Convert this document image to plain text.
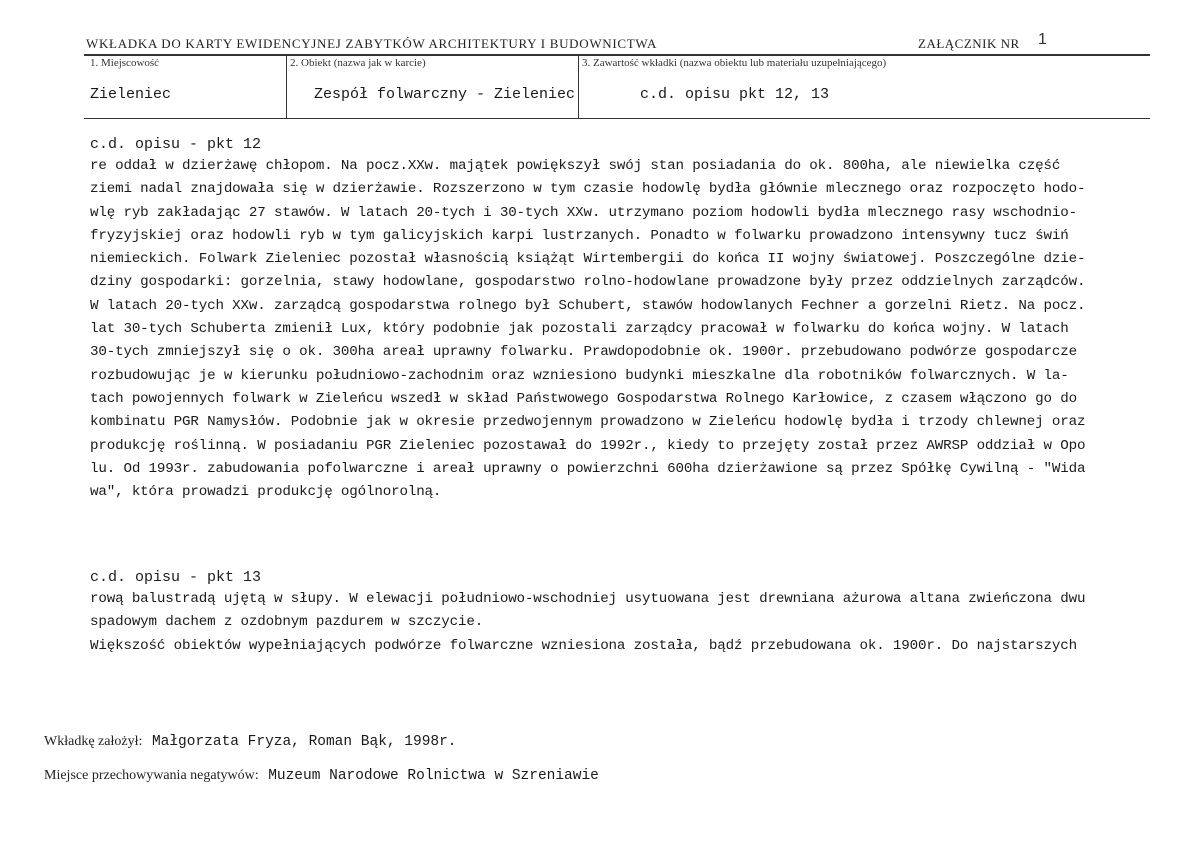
WKŁADKA DO KARTY EWIDENCYJNEJ ZABYTKÓW ARCHITEKTURY I BUDOWNICTWA	ZAŁĄCZNIK NR 1
1. Miejscowość
Zieleniec
2. Obiekt (nazwa jak w karcie)
Zespół folwarczny - Zieleniec
3. Zawartość wkładki (nazwa obiektu lub materiału uzupełniającego)
c.d. opisu pkt 12, 13
c.d. opisu - pkt 12
re oddał w dzierżawę chłopom. Na pocz.XXw. majątek powiększył swój stan posiadania do ok. 800ha, ale niewielka część
ziemi nadal znajdowała się w dzierżawie. Rozszerzono w tym czasie hodowlę bydła głównie mlecznego oraz rozpoczęto hodo-
wlę ryb zakładając 27 stawów. W latach 20-tych i 30-tych XXw. utrzymano poziom hodowli bydła mlecznego rasy wschodnio-
fryzyjskiej oraz hodowli ryb w tym galicyjskich karpi lustrzanych. Ponadto w folwarku prowadzono intensywny tucz świń
niemieckich. Folwark Zieleniec pozostał własnością książąt Wirtembergii do końca II wojny światowej. Poszczególne dzie-
dziny gospodarki: gorzelnia, stawy hodowlane, gospodarstwo rolno-hodowlane prowadzone były przez oddzielnych zarządców.
W latach 20-tych XXw. zarządcą gospodarstwa rolnego był Schubert, stawów hodowlanych Fechner a gorzelni Rietz. Na pocz.
lat 30-tych Schuberta zmienił Lux, który podobnie jak pozostali zarządcy pracował w folwarku do końca wojny. W latach
30-tych zmniejszył się o ok. 300ha areał uprawny folwarku. Prawdopodobnie ok. 1900r. przebudowano podwórze gospodarcze
rozbudowując je w kierunku południowo-zachodnim oraz wzniesiono budynki mieszkalne dla robotników folwarcznych. W la-
tach powojennych folwark w Zieleńcu wszedł w skład Państwowego Gospodarstwa Rolnego Karłowice, z czasem włączono go do
kombinatu PGR Namysłów. Podobnie jak w okresie przedwojennym prowadzono w Zieleńcu hodowlę bydła i trzody chlewnej oraz
produkcję roślinną. W posiadaniu PGR Zieleniec pozostawał do 1992r., kiedy to przejęty został przez AWRSP oddział w Opo
lu. Od 1993r. zabudowania pofolwarczne i areał uprawny o powierzchni 600ha dzierżawione są przez Spółkę Cywilną - "Wida
wa", która prowadzi produkcję ogólnorolną.
c.d. opisu - pkt 13
rową balustradą ujętą w słupy. W elewacji południowo-wschodniej usytuowana jest drewniana ażurowa altana zwieńczona dwu
spadowym dachem z ozdobnym pazdurem w szczycie.
Większość obiektów wypełniających podwórze folwarczne wzniesiona została, bądź przebudowana ok. 1900r. Do najstarszych
Wkładkę założył: Małgorzata Fryza, Roman Bąk, 1998r.
Miejsce przechowywania negatywów: Muzeum Narodowe Rolnictwa w Szreniawie
